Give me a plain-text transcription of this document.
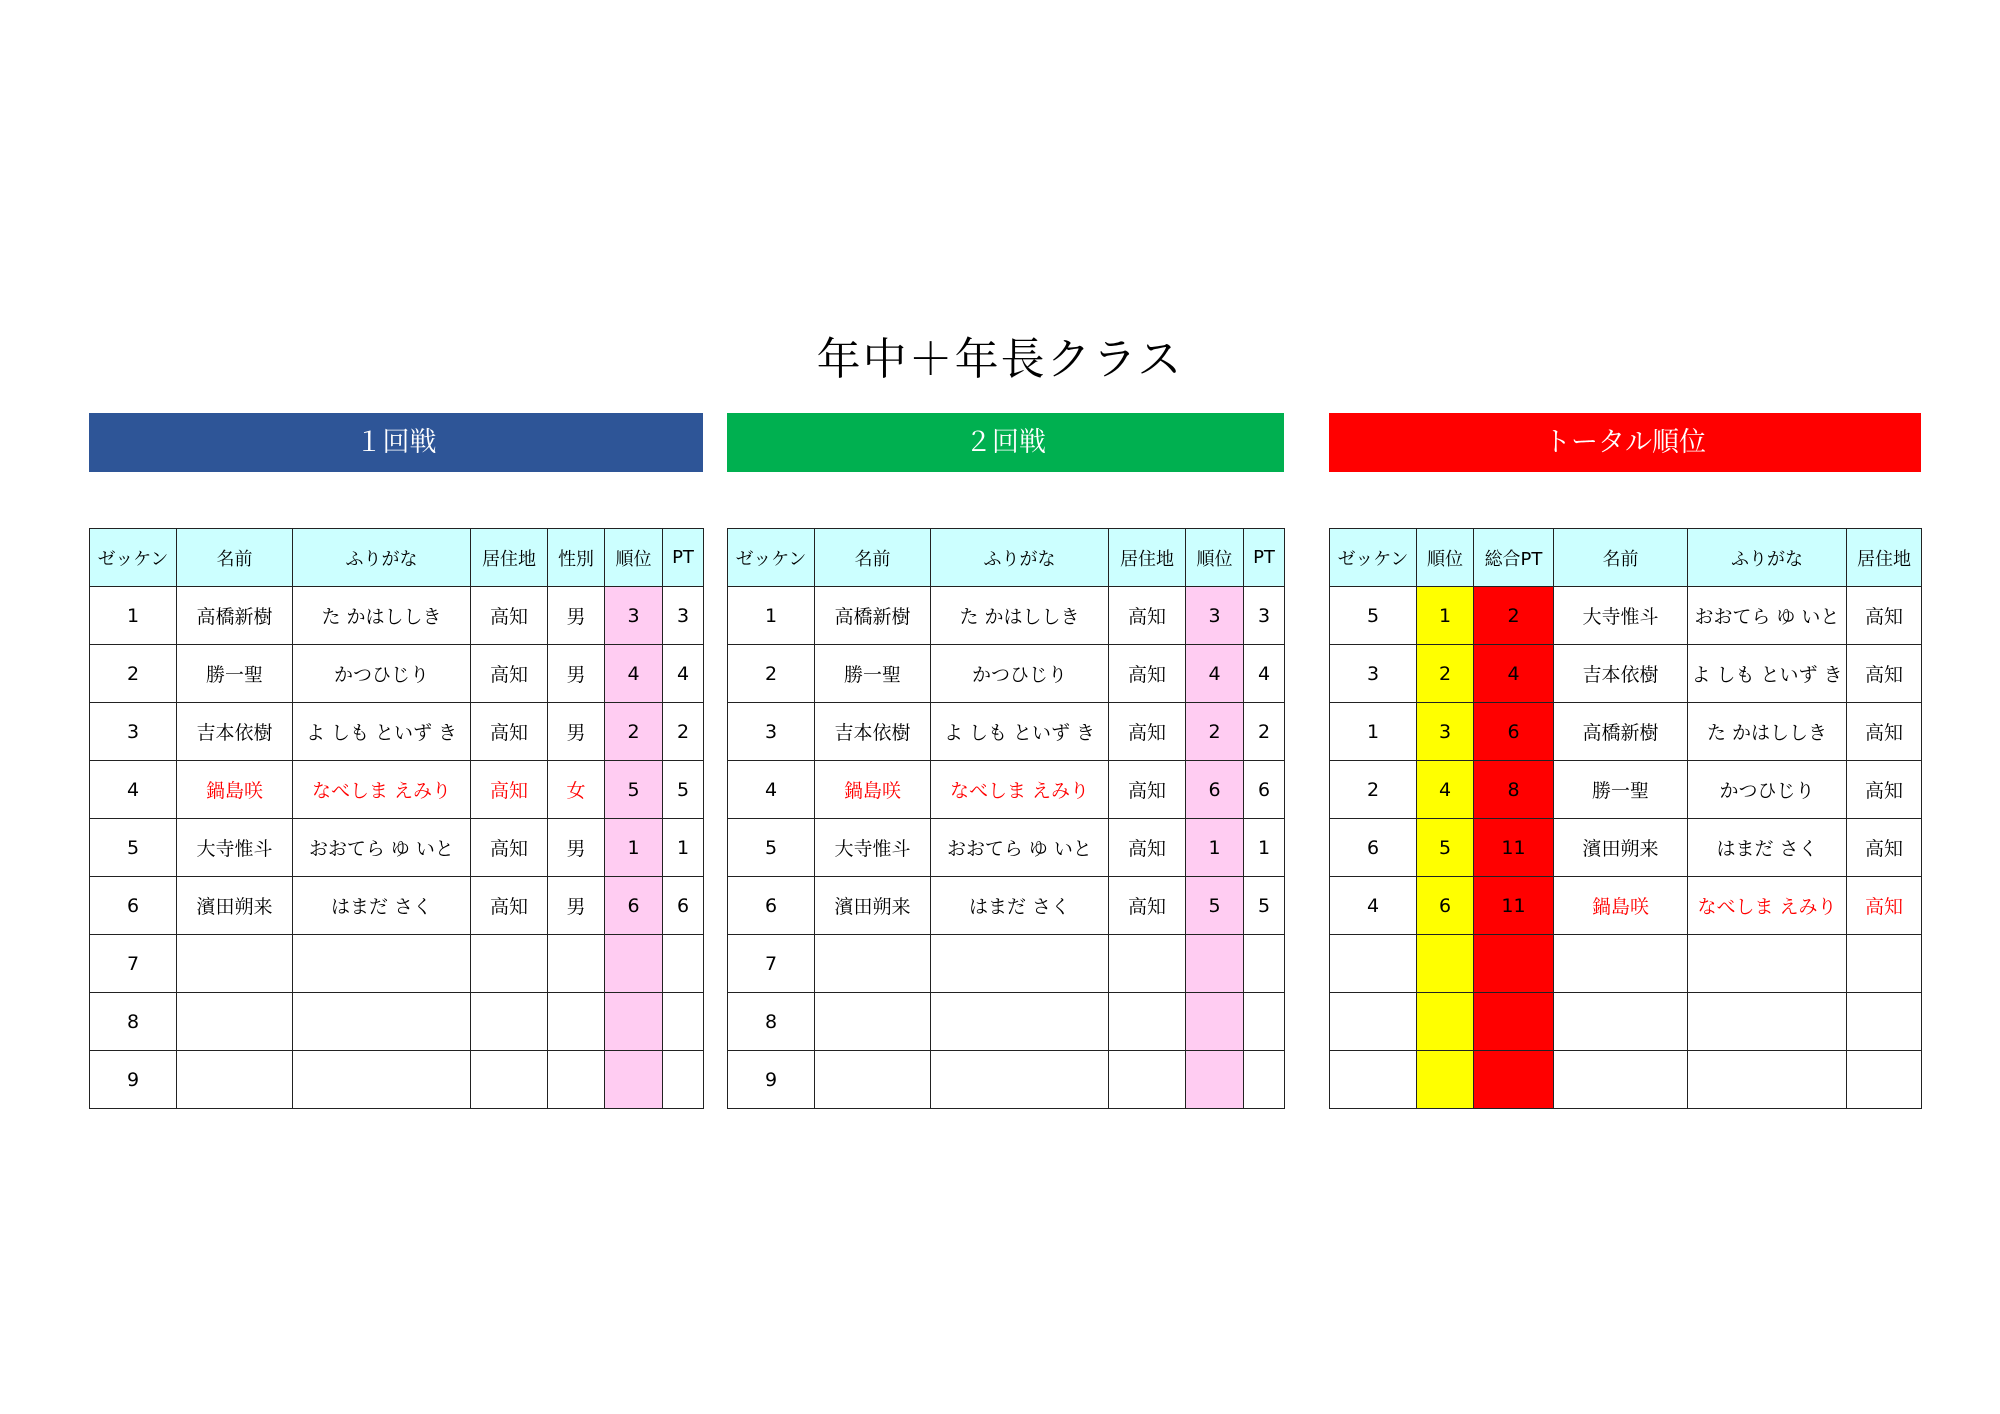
年中＋年長クラス
１回戦	２回戦	トータル順位
ゼッケン	名前	ふりがな	居住地	性別	順位	PT
1	高橋新樹	た かはししき	高知	男	3	3
2	勝一聖	かつひじり	高知	男	4	4
3	吉本依樹	よ しも といず き	高知	男	2	2
4	鍋島咲	なべしま えみり	高知	女	5	5
5	大寺惟斗	おおてら ゆ いと	高知	男	1	1
6	濱田朔来	はまだ さく	高知	男	6	6
7						
8						
9						
ゼッケン	名前	ふりがな	居住地	順位	PT
1	高橋新樹	た かはししき	高知	3	3
2	勝一聖	かつひじり	高知	4	4
3	吉本依樹	よ しも といず き	高知	2	2
4	鍋島咲	なべしま えみり	高知	6	6
5	大寺惟斗	おおてら ゆ いと	高知	1	1
6	濱田朔来	はまだ さく	高知	5	5
7					
8					
9					
ゼッケン	順位	総合PT	名前	ふりがな	居住地
5	1	2	大寺惟斗	おおてら ゆ いと	高知
3	2	4	吉本依樹	よ しも といず き	高知
1	3	6	高橋新樹	た かはししき	高知
2	4	8	勝一聖	かつひじり	高知
6	5	11	濱田朔来	はまだ さく	高知
4	6	11	鍋島咲	なべしま えみり	高知
